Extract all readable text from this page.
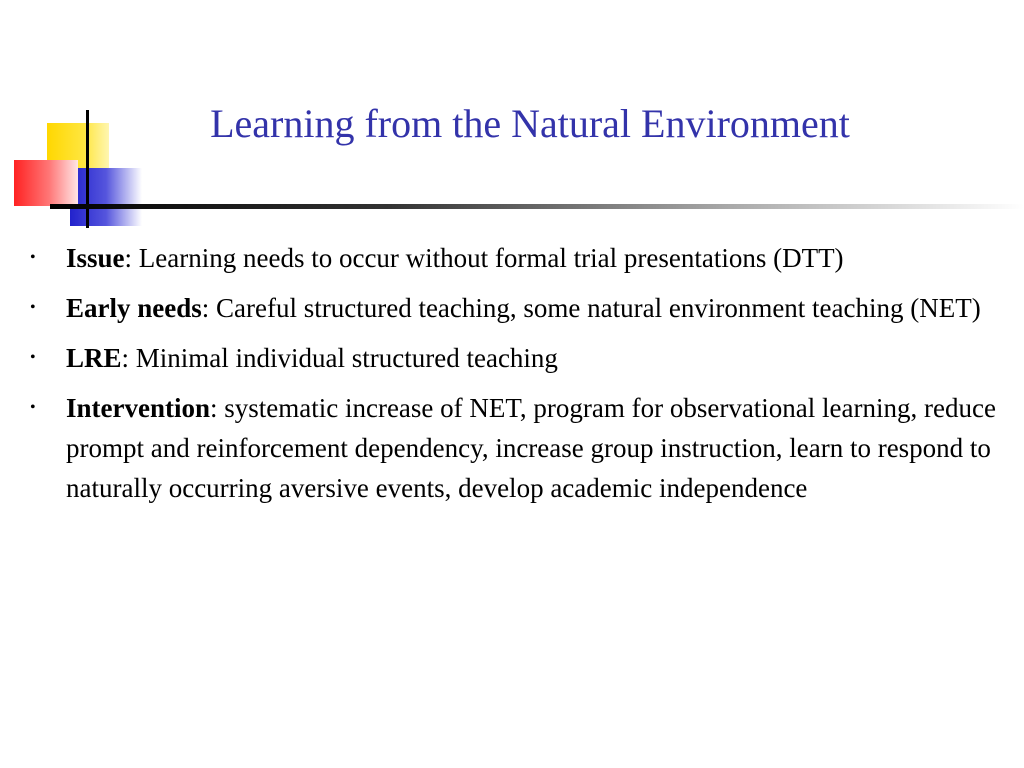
Learning from the Natural Environment
• Issue: Learning needs to occur without formal trial presentations (DTT)
• Early needs: Careful structured teaching, some natural environment teaching (NET)
• LRE: Minimal individual structured teaching
• Intervention: systematic increase of NET, program for observational learning, reduce prompt and reinforcement dependency, increase group instruction, learn to respond to naturally occurring aversive events, develop academic independence
